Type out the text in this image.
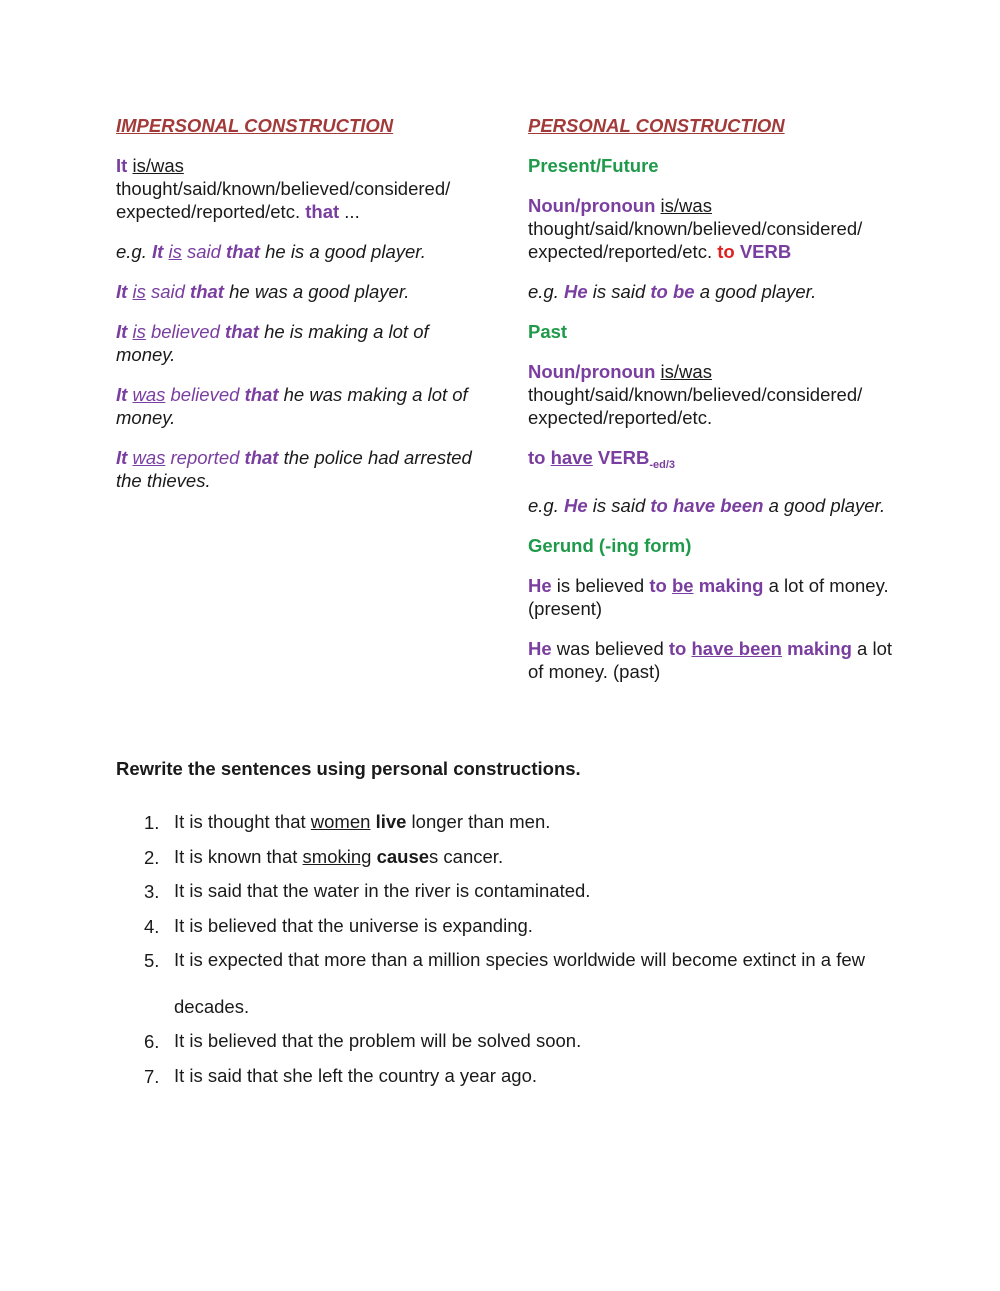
IMPERSONAL CONSTRUCTION

It is/was
thought/said/known/believed/considered/ expected/reported/etc. that ...

e.g. It is said that he is a good player.

It is said that he was a good player.

It is believed that he is making a lot of money.

It was believed that he was making a lot of money.

It was reported that the police had arrested the thieves.

PERSONAL CONSTRUCTION

Present/Future

Noun/pronoun is/was
thought/said/known/believed/considered/ expected/reported/etc. to VERB

e.g. He is said to be a good player.

Past

Noun/pronoun is/was
thought/said/known/believed/considered/ expected/reported/etc.

to have $VERB_{-ed/3}$

e.g. He is said to have been a good player.

Gerund (-ing form)

He is believed to be making a lot of money. (present)

He was believed to have been making a lot of money. (past)

Rewrite the sentences using personal constructions.

1. It is thought that women live longer than men.
2. It is known that smoking causes cancer.
3. It is said that the water in the river is contaminated.
4. It is believed that the universe is expanding.
5. It is expected that more than a million species worldwide will become extinct in a few decades.
6. It is believed that the problem will be solved soon.
7. It is said that she left the country a year ago.
